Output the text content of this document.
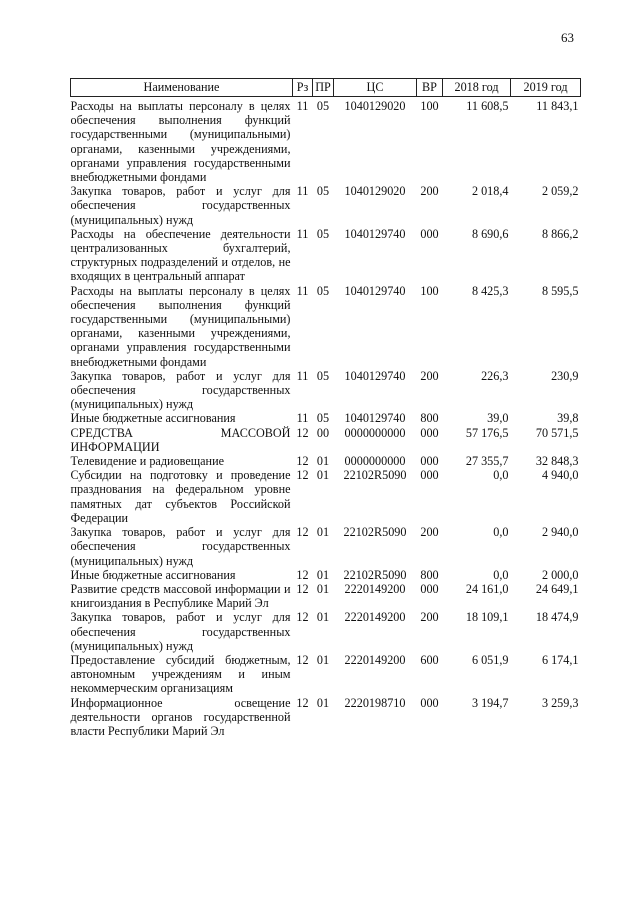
63
Наименование	Рз	ПР	ЦС	ВР	2018 год	2019 год
Расходы на выплаты персоналу в целях обеспечения выполнения функций государственными (муниципальными) органами, казенными учреждениями, органами управления государственными внебюджетными фондами	11	05	1040129020	100	11 608,5	11 843,1
Закупка товаров, работ и услуг для обеспечения государственных (муниципальных) нужд	11	05	1040129020	200	2 018,4	2 059,2
Расходы на обеспечение деятельности централизованных бухгалтерий, структурных подразделений и отделов, не входящих в центральный аппарат	11	05	1040129740	000	8 690,6	8 866,2
Расходы на выплаты персоналу в целях обеспечения выполнения функций государственными (муниципальными) органами, казенными учреждениями, органами управления государственными внебюджетными фондами	11	05	1040129740	100	8 425,3	8 595,5
Закупка товаров, работ и услуг для обеспечения государственных (муниципальных) нужд	11	05	1040129740	200	226,3	230,9
Иные бюджетные ассигнования	11	05	1040129740	800	39,0	39,8
СРЕДСТВА МАССОВОЙ ИНФОРМАЦИИ	12	00	0000000000	000	57 176,5	70 571,5
Телевидение и радиовещание	12	01	0000000000	000	27 355,7	32 848,3
Субсидии на подготовку и проведение празднования на федеральном уровне памятных дат субъектов Российской Федерации	12	01	22102R5090	000	0,0	4 940,0
Закупка товаров, работ и услуг для обеспечения государственных (муниципальных) нужд	12	01	22102R5090	200	0,0	2 940,0
Иные бюджетные ассигнования	12	01	22102R5090	800	0,0	2 000,0
Развитие средств массовой информации и книгоиздания в Республике Марий Эл	12	01	2220149200	000	24 161,0	24 649,1
Закупка товаров, работ и услуг для обеспечения государственных (муниципальных) нужд	12	01	2220149200	200	18 109,1	18 474,9
Предоставление субсидий бюджетным, автономным учреждениям и иным некоммерческим организациям	12	01	2220149200	600	6 051,9	6 174,1
Информационное освещение деятельности органов государственной власти Республики Марий Эл	12	01	2220198710	000	3 194,7	3 259,3
